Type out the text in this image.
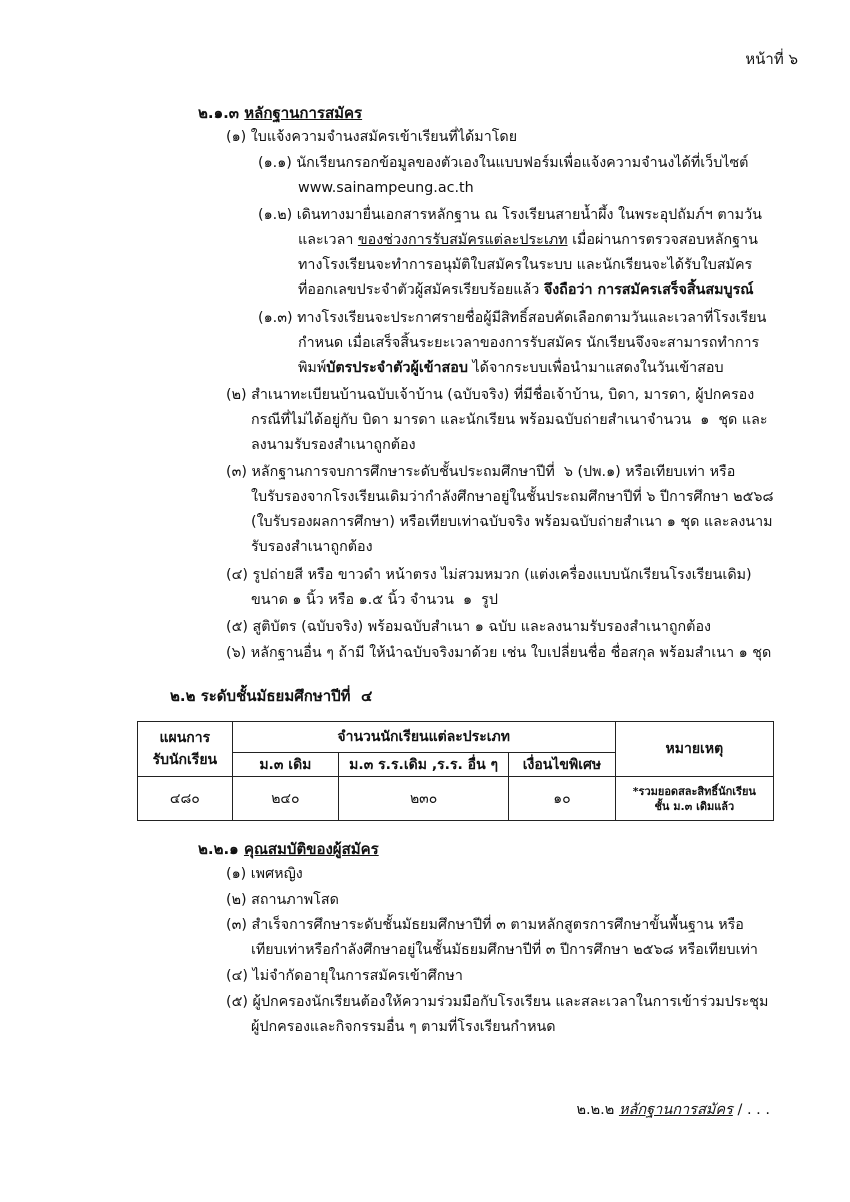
หน้าที่ ๖
๒.๑.๓ หลักฐานการสมัคร
(๑) ใบแจ้งความจำนงสมัครเข้าเรียนที่ได้มาโดย
(๑.๑) นักเรียนกรอกข้อมูลของตัวเองในแบบฟอร์มเพื่อแจ้งความจำนงได้ที่เว็บไซต์
www.sainampeung.ac.th
(๑.๒) เดินทางมายื่นเอกสารหลักฐาน ณ โรงเรียนสายน้ำผึ้ง ในพระอุปถัมภ์ฯ ตามวัน
และเวลา ของช่วงการรับสมัครแต่ละประเภท เมื่อผ่านการตรวจสอบหลักฐาน
ทางโรงเรียนจะทำการอนุมัติใบสมัครในระบบ และนักเรียนจะได้รับใบสมัคร
ที่ออกเลขประจำตัวผู้สมัครเรียบร้อยแล้ว จึงถือว่า การสมัครเสร็จสิ้นสมบูรณ์
(๑.๓) ทางโรงเรียนจะประกาศรายชื่อผู้มีสิทธิ์สอบคัดเลือกตามวันและเวลาที่โรงเรียน
กำหนด เมื่อเสร็จสิ้นระยะเวลาของการรับสมัคร นักเรียนจึงจะสามารถทำการ
พิมพ์บัตรประจำตัวผู้เข้าสอบ ได้จากระบบเพื่อนำมาแสดงในวันเข้าสอบ
(๒) สำเนาทะเบียนบ้านฉบับเจ้าบ้าน (ฉบับจริง) ที่มีชื่อเจ้าบ้าน, บิดา, มารดา, ผู้ปกครอง
กรณีที่ไม่ได้อยู่กับ บิดา มารดา และนักเรียน พร้อมฉบับถ่ายสำเนาจำนวน  ๑  ชุด และ
ลงนามรับรองสำเนาถูกต้อง
(๓) หลักฐานการจบการศึกษาระดับชั้นประถมศึกษาปีที่  ๖ (ปพ.๑) หรือเทียบเท่า หรือ
ใบรับรองจากโรงเรียนเดิมว่ากำลังศึกษาอยู่ในชั้นประถมศึกษาปีที่ ๖ ปีการศึกษา ๒๕๖๘
(ใบรับรองผลการศึกษา) หรือเทียบเท่าฉบับจริง พร้อมฉบับถ่ายสำเนา ๑ ชุด และลงนาม
รับรองสำเนาถูกต้อง
(๔) รูปถ่ายสี หรือ ขาวดำ หน้าตรง ไม่สวมหมวก (แต่งเครื่องแบบนักเรียนโรงเรียนเดิม)
ขนาด ๑ นิ้ว หรือ ๑.๕ นิ้ว จำนวน  ๑  รูป
(๕) สูติบัตร (ฉบับจริง) พร้อมฉบับสำเนา ๑ ฉบับ และลงนามรับรองสำเนาถูกต้อง
(๖) หลักฐานอื่น ๆ ถ้ามี ให้นำฉบับจริงมาด้วย เช่น ใบเปลี่ยนชื่อ ชื่อสกุล พร้อมสำเนา ๑ ชุด
๒.๒ ระดับชั้นมัธยมศึกษาปีที่  ๔
แผนการ
รับนักเรียน	จำนวนนักเรียนแต่ละประเภท			หมายเหตุ
	ม.๓ เดิม	ม.๓ ร.ร.เดิม ,ร.ร. อื่น ๆ	เงื่อนไขพิเศษ	
๔๘๐	๒๔๐	๒๓๐	๑๐	*รวมยอดสละสิทธิ์นักเรียน
ชั้น ม.๓ เดิมแล้ว
๒.๒.๑ คุณสมบัติของผู้สมัคร
(๑) เพศหญิง
(๒) สถานภาพโสด
(๓) สำเร็จการศึกษาระดับชั้นมัธยมศึกษาปีที่ ๓ ตามหลักสูตรการศึกษาขั้นพื้นฐาน หรือ
เทียบเท่าหรือกำลังศึกษาอยู่ในชั้นมัธยมศึกษาปีที่ ๓ ปีการศึกษา ๒๕๖๘ หรือเทียบเท่า
(๔) ไม่จำกัดอายุในการสมัครเข้าศึกษา
(๕) ผู้ปกครองนักเรียนต้องให้ความร่วมมือกับโรงเรียน และสละเวลาในการเข้าร่วมประชุม
ผู้ปกครองและกิจกรรมอื่น ๆ ตามที่โรงเรียนกำหนด
๒.๒.๒ หลักฐานการสมัคร / . . .
